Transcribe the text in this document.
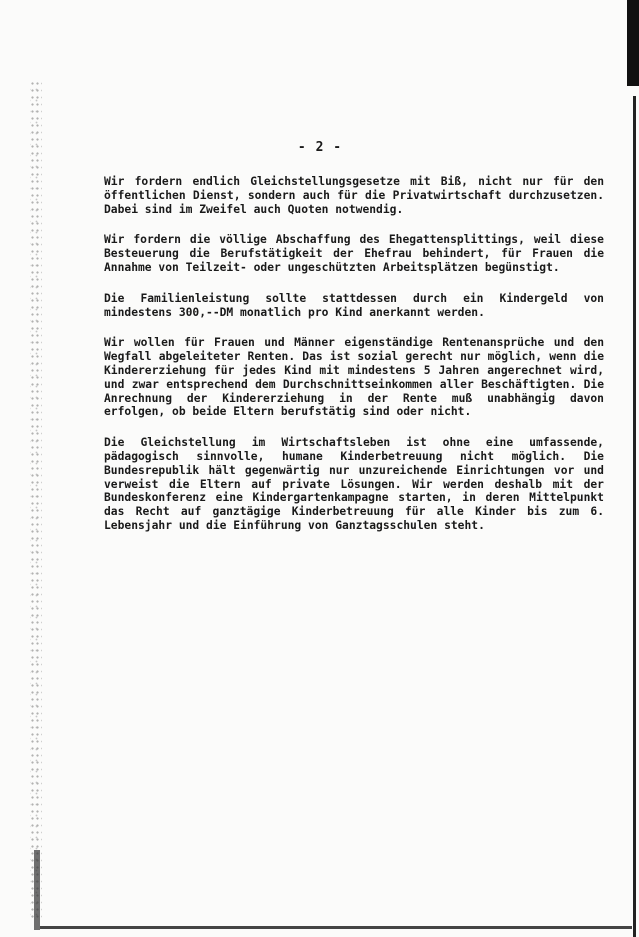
- 2 -

Wir fordern endlich Gleichstellungsgesetze mit Biß, nicht nur für den öffentlichen Dienst, sondern auch für die Privatwirtschaft durchzusetzen. Dabei sind im Zweifel auch Quoten notwendig.

Wir fordern die völlige Abschaffung des Ehegattensplittings, weil diese Besteuerung die Berufstätigkeit der Ehefrau behindert, für Frauen die Annahme von Teilzeit- oder ungeschützten Arbeitsplätzen begünstigt.

Die Familienleistung sollte stattdessen durch ein Kindergeld von mindestens 300,--DM monatlich pro Kind anerkannt werden.

Wir wollen für Frauen und Männer eigenständige Rentenansprüche und den Wegfall abgeleiteter Renten. Das ist sozial gerecht nur möglich, wenn die Kindererziehung für jedes Kind mit mindestens 5 Jahren angerechnet wird, und zwar entsprechend dem Durchschnittseinkommen aller Beschäftigten. Die Anrechnung der Kindererziehung in der Rente muß unabhängig davon erfolgen, ob beide Eltern berufstätig sind oder nicht.

Die Gleichstellung im Wirtschaftsleben ist ohne eine umfassende, pädagogisch sinnvolle, humane Kinderbetreuung nicht möglich. Die Bundesrepublik hält gegenwärtig nur unzureichende Einrichtungen vor und verweist die Eltern auf private Lösungen. Wir werden deshalb mit der Bundeskonferenz eine Kindergartenkampagne starten, in deren Mittelpunkt das Recht auf ganztägige Kinderbetreuung für alle Kinder bis zum 6. Lebensjahr und die Einführung von Ganztagsschulen steht.
